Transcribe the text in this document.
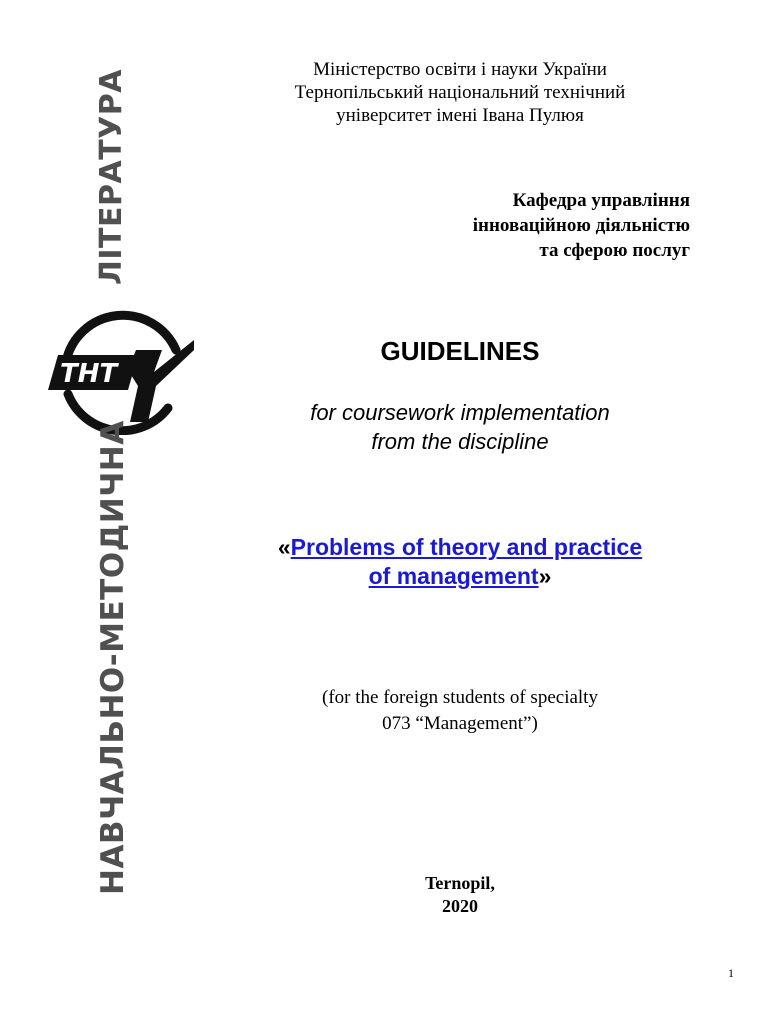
ЛІТЕРАТУРА
ТНТ
НАВЧАЛЬНО-МЕТОДИЧНА
Міністерство освіти і науки України
Тернопільський національний технічний
університет імені Івана Пулюя
Кафедра управління
інноваційною діяльністю
та сферою послуг
GUIDELINES
for coursework implementation
from the discipline
«Problems of theory and practice
of management»
(for the foreign students of specialty
073 “Management”)
Ternopil,
2020
1
